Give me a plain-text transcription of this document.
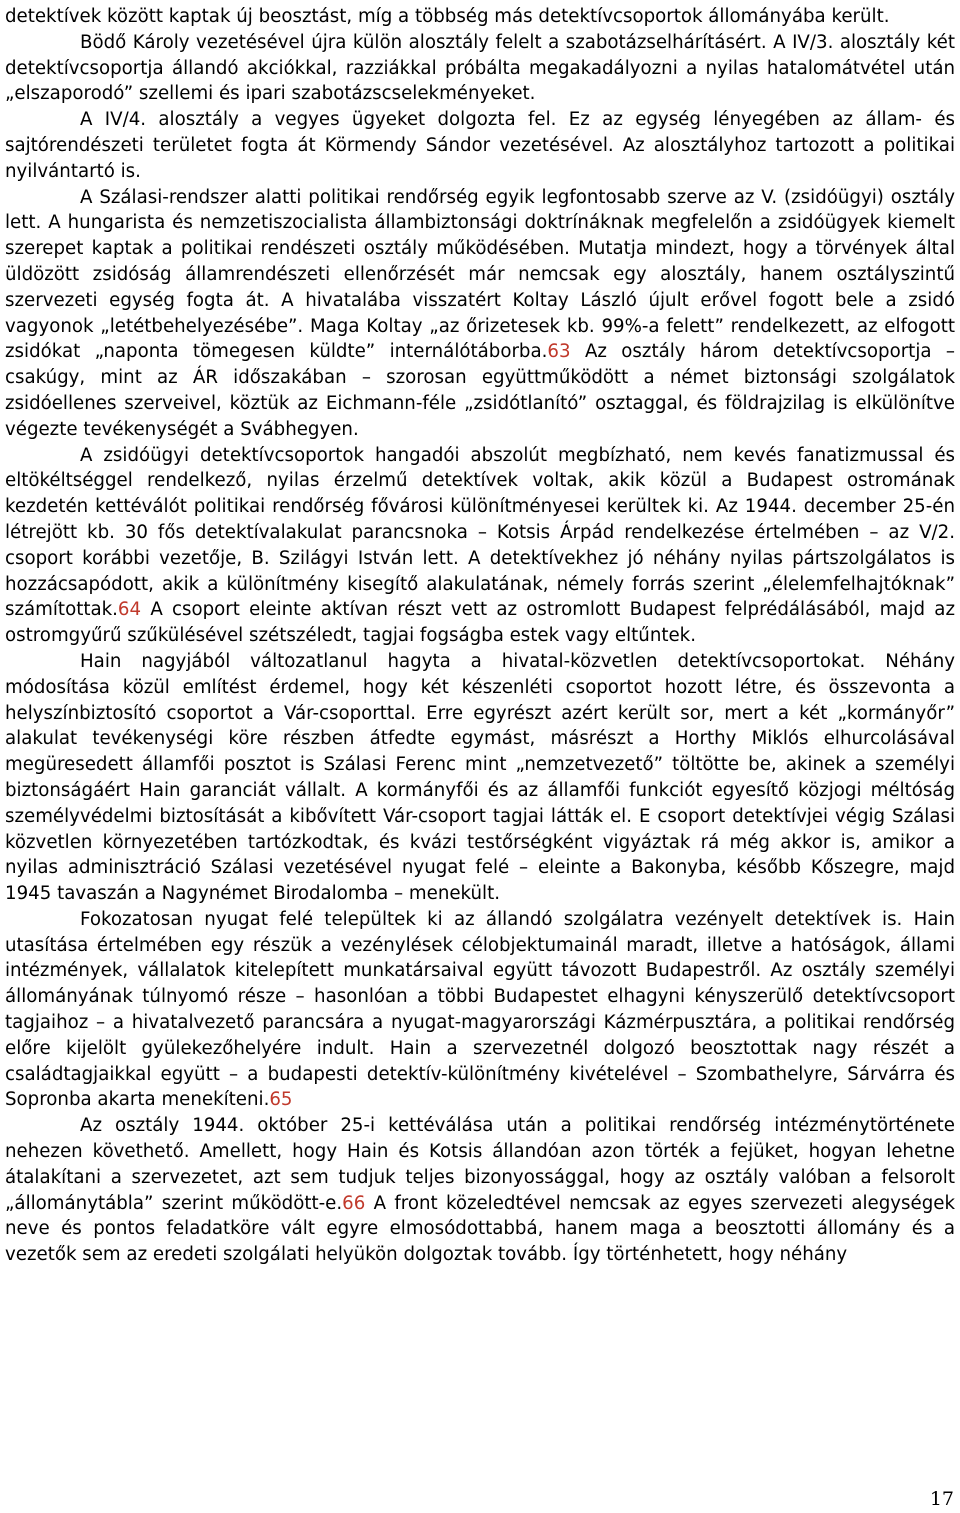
detektívek között kaptak új beosztást, míg a többség más detektívcsoportok állományába került.

Bödő Károly vezetésével újra külön alosztály felelt a szabotázselhárításért. A IV/3. alosztály két detektívcsoportja állandó akciókkal, razziákkal próbálta megakadályozni a nyilas hatalomátvétel után „elszaporodó” szellemi és ipari szabotázscselekményeket.

A IV/4. alosztály a vegyes ügyeket dolgozta fel. Ez az egység lényegében az állam- és sajtórendészeti területet fogta át Körmendy Sándor vezetésével. Az alosztályhoz tartozott a politikai nyilvántartó is.

A Szálasi-rendszer alatti politikai rendőrség egyik legfontosabb szerve az V. (zsidóügyi) osztály lett. A hungarista és nemzetiszocialista állambiztonsági doktrínáknak megfelelőn a zsidóügyek kiemelt szerepet kaptak a politikai rendészeti osztály működésében. Mutatja mindezt, hogy a törvények által üldözött zsidóság államrendészeti ellenőrzését már nemcsak egy alosztály, hanem osztályszintű szervezeti egység fogta át. A hivatalába visszatért Koltay László újult erővel fogott bele a zsidó vagyonok „letétbehelyezésébe”. Maga Koltay „az őrizetesek kb. 99%-a felett” rendelkezett, az elfogott zsidókat „naponta tömegesen küldte” internálótáborba.63 Az osztály három detektívcsoportja – csakúgy, mint az ÁR időszakában – szorosan együttműködött a német biztonsági szolgálatok zsidóellenes szerveivel, köztük az Eichmann-féle „zsidótlanító” osztaggal, és földrajzilag is elkülönítve végezte tevékenységét a Svábhegyen.

A zsidóügyi detektívcsoportok hangadói abszolút megbízható, nem kevés fanatizmussal és eltökéltséggel rendelkező, nyilas érzelmű detektívek voltak, akik közül a Budapest ostromának kezdetén kettéválót politikai rendőrség fővárosi különítményesei kerültek ki. Az 1944. december 25-én létrejött kb. 30 fős detektívalakulat parancsnoka – Kotsis Árpád rendelkezése értelmében – az V/2. csoport korábbi vezetője, B. Szilágyi István lett. A detektívekhez jó néhány nyilas pártszolgálatos is hozzácsapódott, akik a különítmény kisegítő alakulatának, némely forrás szerint „élelemfelhajtóknak” számítottak.64 A csoport eleinte aktívan részt vett az ostromlott Budapest felprédálásából, majd az ostromgyűrű szűkülésével szétszéledt, tagjai fogságba estek vagy eltűntek.

Hain nagyjából változatlanul hagyta a hivatal-közvetlen detektívcsoportokat. Néhány módosítása közül említést érdemel, hogy két készenléti csoportot hozott létre, és összevonta a helyszínbiztosító csoportot a Vár-csoporttal. Erre egyrészt azért került sor, mert a két „kormányőr” alakulat tevékenységi köre részben átfedte egymást, másrészt a Horthy Miklós elhurcolásával megüresedett államfői posztot is Szálasi Ferenc mint „nemzetvezető” töltötte be, akinek a személyi biztonságáért Hain garanciát vállalt. A kormányfői és az államfői funkciót egyesítő közjogi méltóság személyvédelmi biztosítását a kibővített Vár-csoport tagjai látták el. E csoport detektívjei végig Szálasi közvetlen környezetében tartózkodtak, és kvázi testőrségként vigyáztak rá még akkor is, amikor a nyilas adminisztráció Szálasi vezetésével nyugat felé – eleinte a Bakonyba, később Kőszegre, majd 1945 tavaszán a Nagynémet Birodalomba – menekült.

Fokozatosan nyugat felé települtek ki az állandó szolgálatra vezényelt detektívek is. Hain utasítása értelmében egy részük a vezénylések célobjektumainál maradt, illetve a hatóságok, állami intézmények, vállalatok kitelepített munkatársaival együtt távozott Budapestről. Az osztály személyi állományának túlnyomó része – hasonlóan a többi Budapestet elhagyni kényszerülő detektívcsoport tagjaihoz – a hivatalvezető parancsára a nyugat-magyarországi Kázmérpusztára, a politikai rendőrség előre kijelölt gyülekezőhelyére indult. Hain a szervezetnél dolgozó beosztottak nagy részét a családtagjaikkal együtt – a budapesti detektív-különítmény kivételével – Szombathelyre, Sárvárra és Sopronba akarta menekíteni.65

Az osztály 1944. október 25-i kettéválása után a politikai rendőrség intézménytörténete nehezen követhető. Amellett, hogy Hain és Kotsis állandóan azon törték a fejüket, hogyan lehetne átalakítani a szervezetet, azt sem tudjuk teljes bizonyossággal, hogy az osztály valóban a felsorolt „állománytábla” szerint működött-e.66 A front közeledtével nemcsak az egyes szervezeti alegységek neve és pontos feladatköre vált egyre elmosódottabbá, hanem maga a beosztotti állomány és a vezetők sem az eredeti szolgálati helyükön dolgoztak tovább. Így történhetett, hogy néhány

17
